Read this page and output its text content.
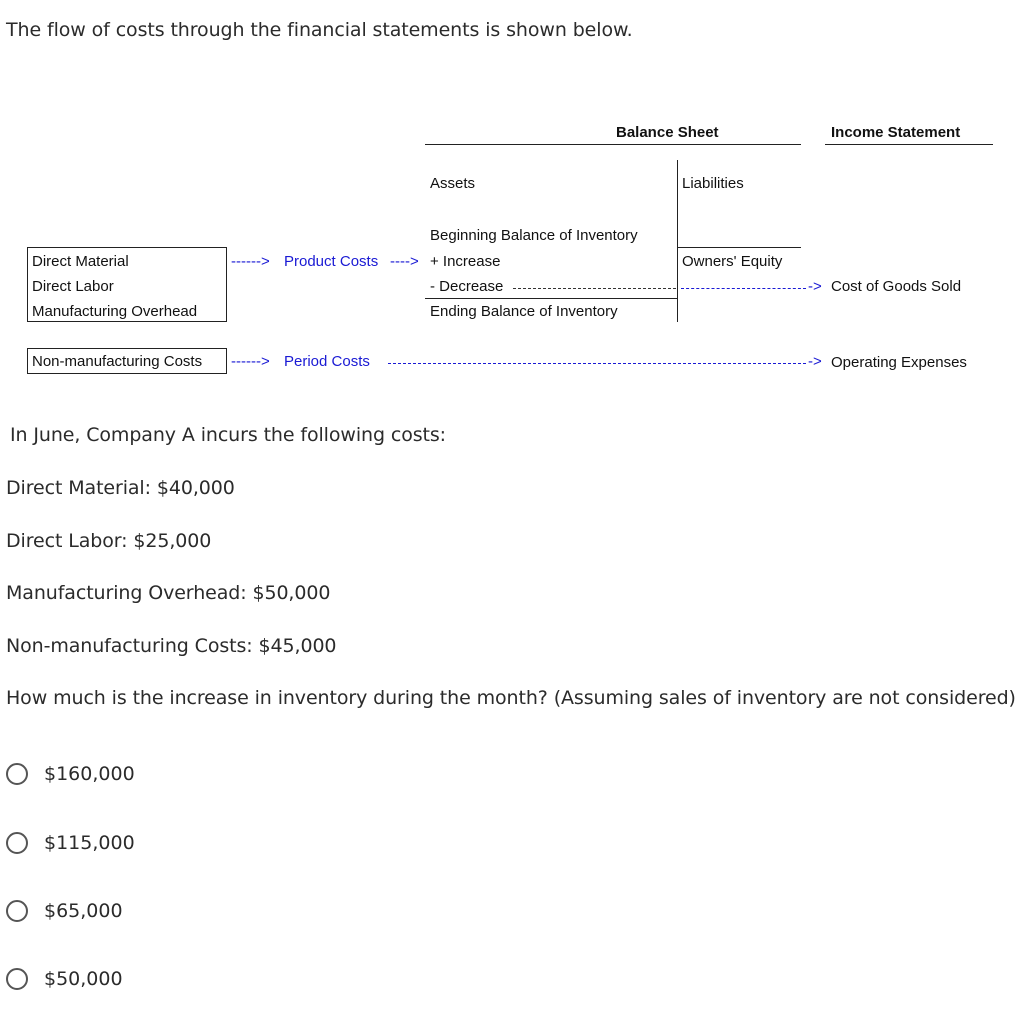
The flow of costs through the financial statements is shown below.
Balance Sheet	Income Statement
Assets	Liabilities
Owners' Equity
Beginning Balance of Inventory
+ Increase
- Decrease
Ending Balance of Inventory
-> Cost of Goods Sold
Direct Material
Direct Labor
Manufacturing Overhead
------> Product Costs ---->
Non-manufacturing Costs ------> Period Costs	-> Operating Expenses
In June, Company A incurs the following costs:
Direct Material: $40,000
Direct Labor: $25,000
Manufacturing Overhead: $50,000
Non-manufacturing Costs: $45,000
How much is the increase in inventory during the month? (Assuming sales of inventory are not considered)
$160,000
$115,000
$65,000
$50,000
